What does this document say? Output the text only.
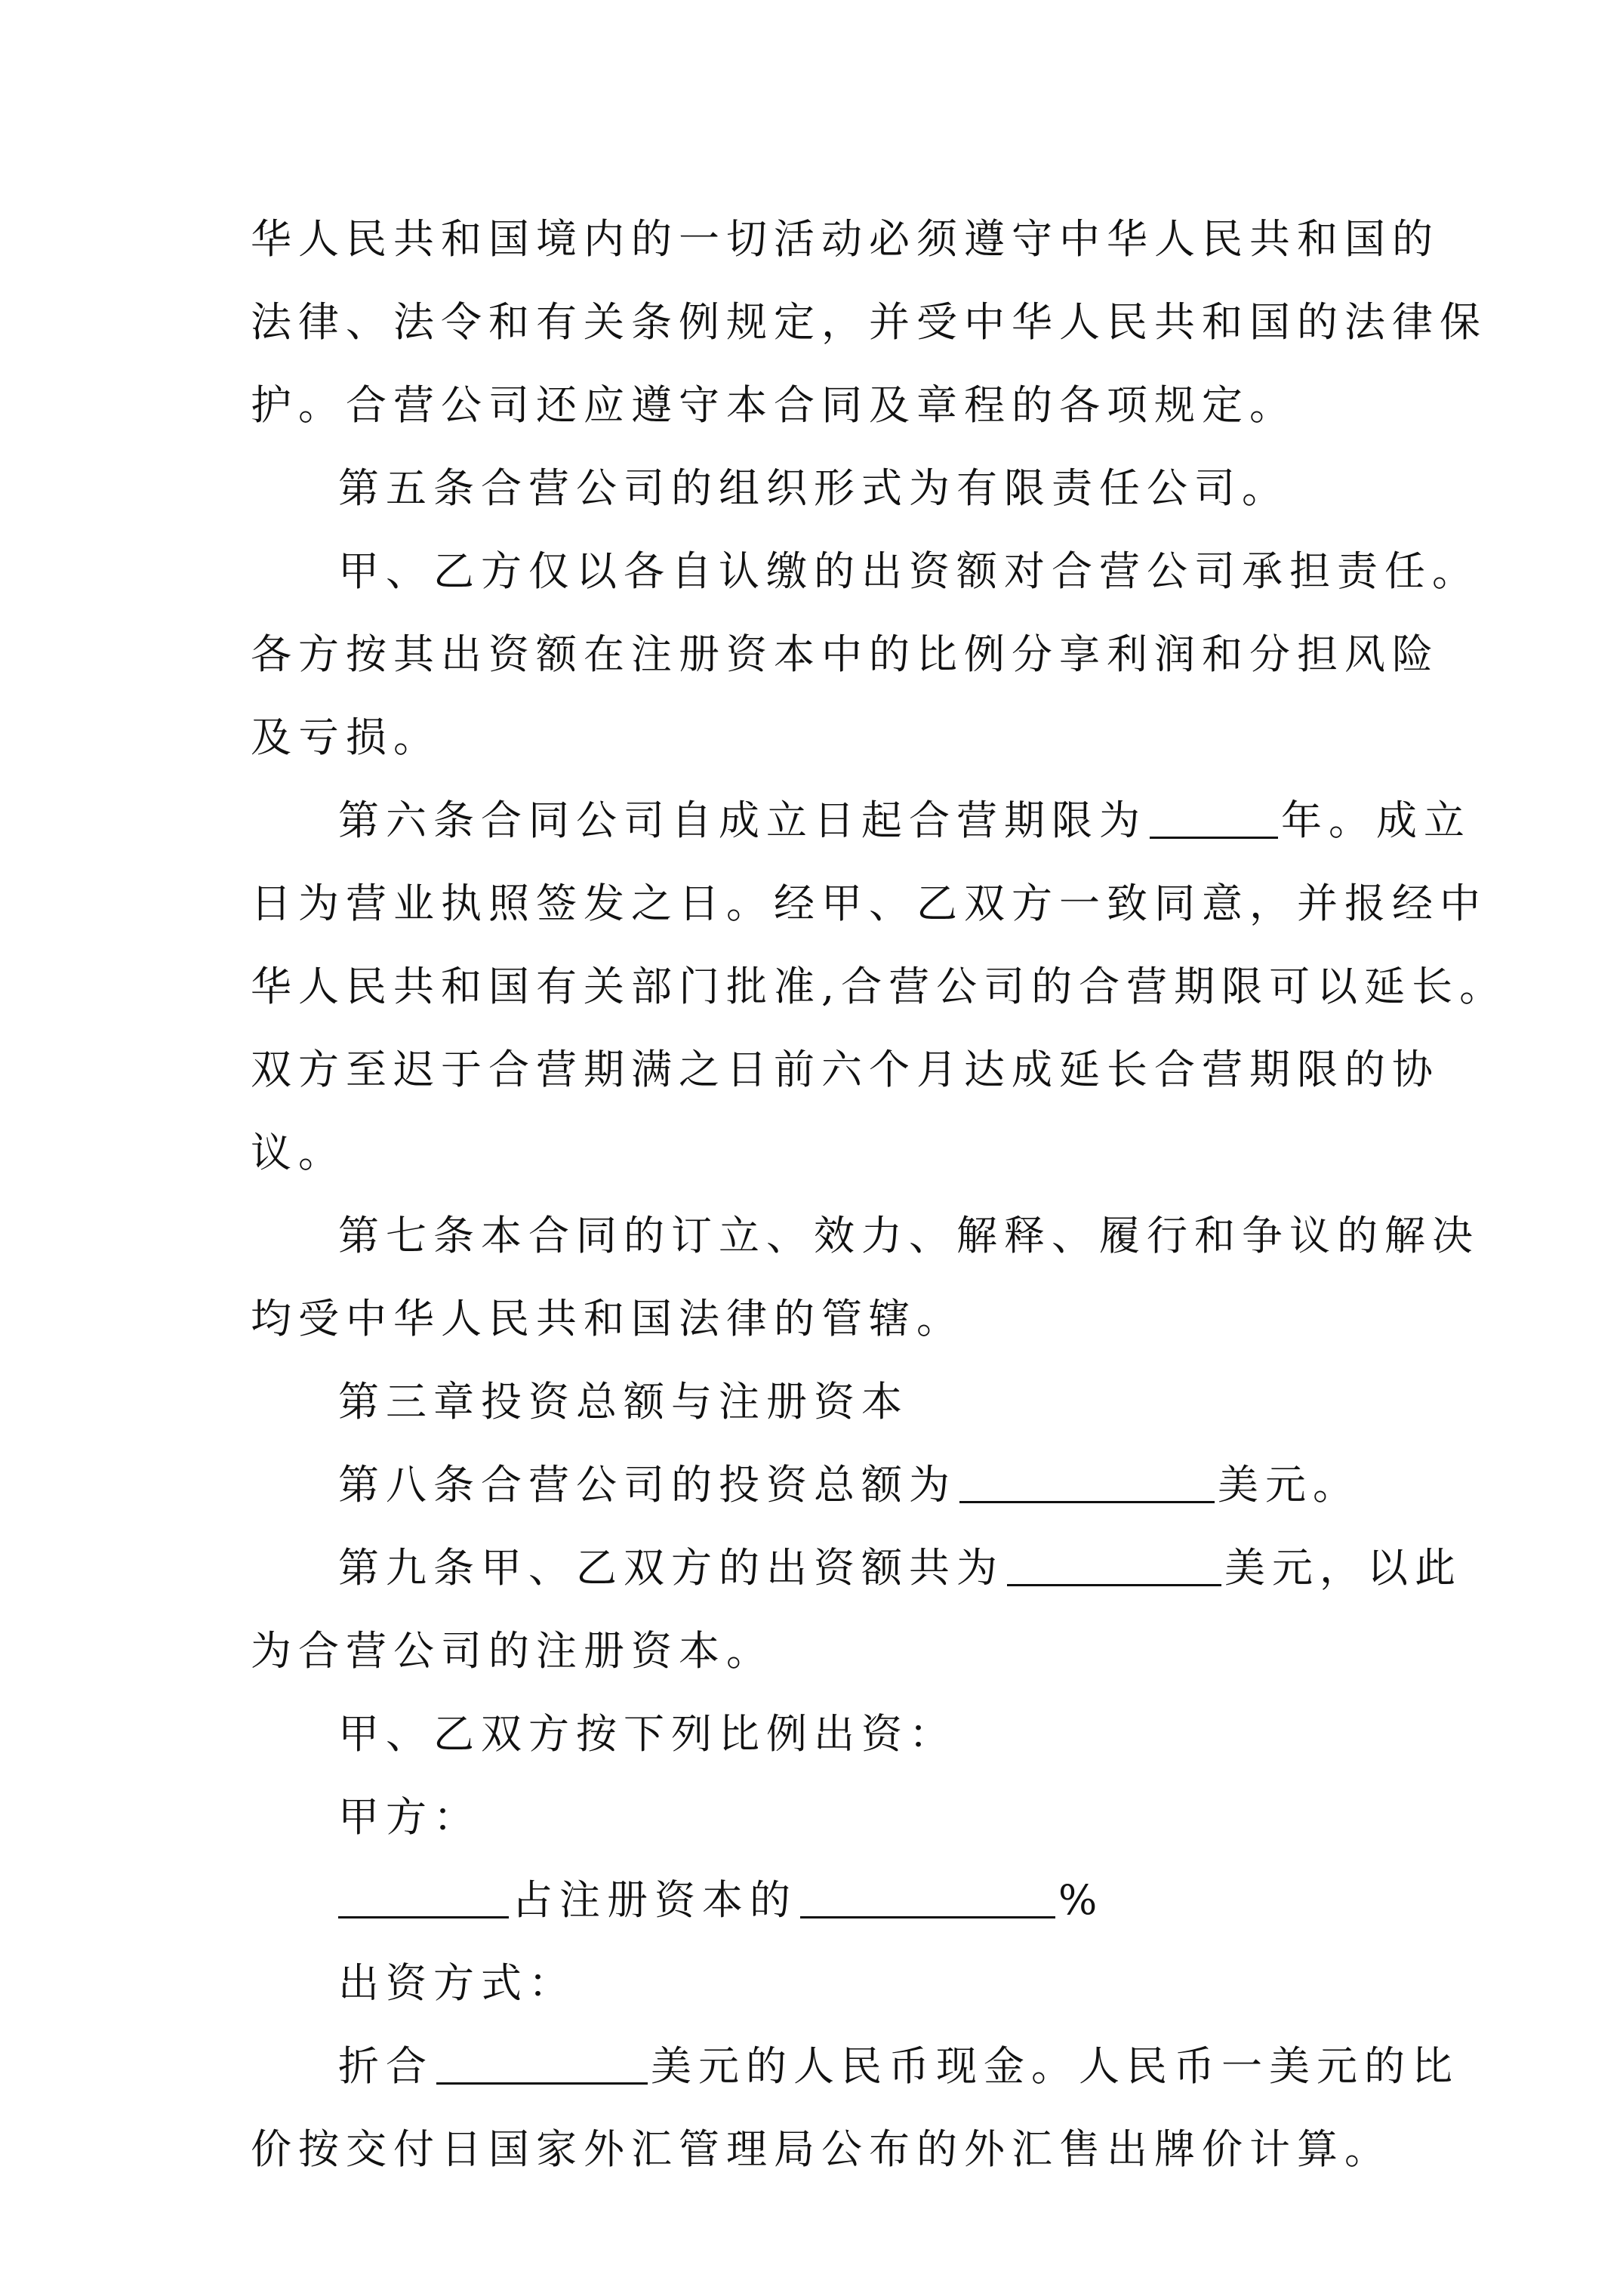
华人民共和国境内的一切活动必须遵守中华人民共和国的

法律、法令和有关条例规定，并受中华人民共和国的法律保

护。合营公司还应遵守本合同及章程的各项规定。

第五条合营公司的组织形式为有限责任公司。

甲、乙方仅以各自认缴的出资额对合营公司承担责任。

各方按其出资额在注册资本中的比例分享利润和分担风险

及亏损。

第六条合同公司自成立日起合营期限为	年。成立

日为营业执照签发之日。经甲、乙双方一致同意，并报经中

华人民共和国有关部门批准,合营公司的合营期限可以延长。

双方至迟于合营期满之日前六个月达成延长合营期限的协

议。

第七条本合同的订立、效力、解释、履行和争议的解决

均受中华人民共和国法律的管辖。

第三章投资总额与注册资本

第八条合营公司的投资总额为	美元。

第九条甲、乙双方的出资额共为	美元，以此

为合营公司的注册资本。

甲、乙双方按下列比例出资：

甲方：

占注册资本的	%

出资方式：

折合	美元的人民币现金。人民币一美元的比

价按交付日国家外汇管理局公布的外汇售出牌价计算。
